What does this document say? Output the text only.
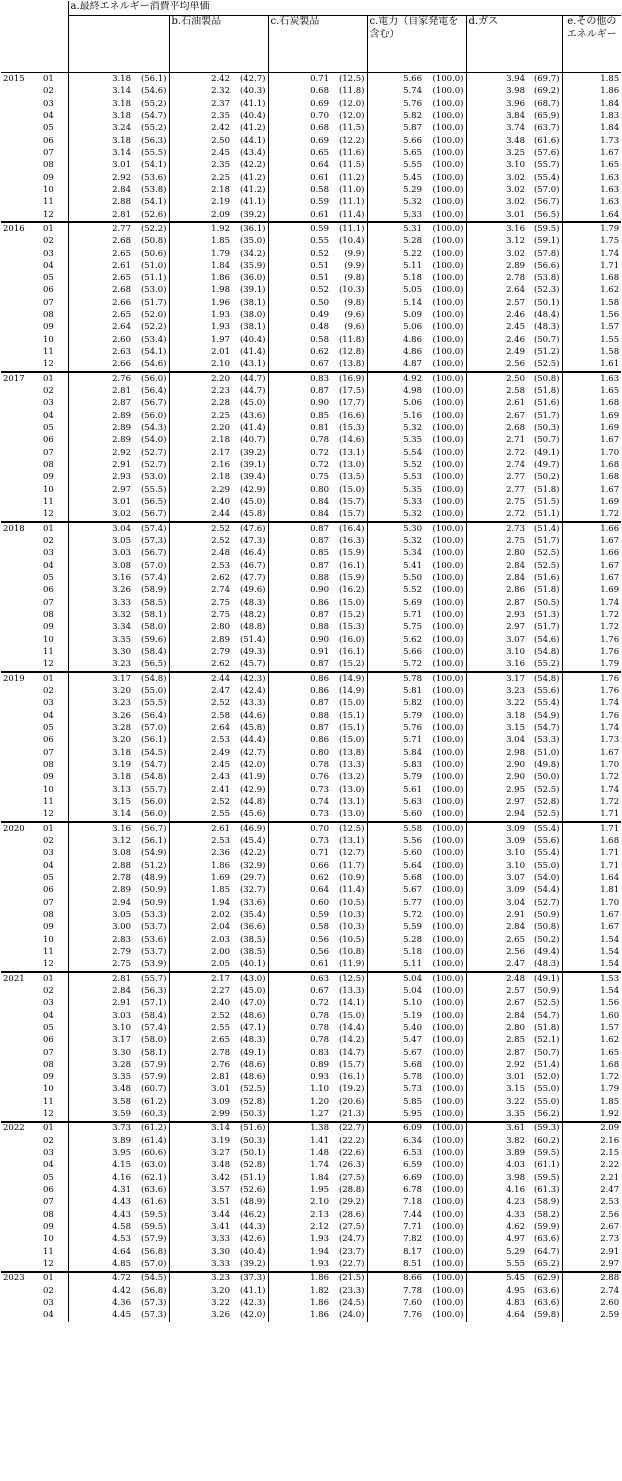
		a.最終エネルギー消費平均単価										
				b.石油製品		c.石炭製品		c.電力（自家発電を含む）		d.ガス		e.その他のエネルギー
2015	01	3.18	(56.1)	2.42	(42.7)	0.71	(12.5)	5.66	(100.0)	3.94	(69.7)	1.85
	02	3.14	(54.6)	2.32	(40.3)	0.68	(11.8)	5.74	(100.0)	3.98	(69.2)	1.86
	03	3.18	(55.2)	2.37	(41.1)	0.69	(12.0)	5.76	(100.0)	3.96	(68.7)	1.84
	04	3.18	(54.7)	2.35	(40.4)	0.70	(12.0)	5.82	(100.0)	3.84	(65.9)	1.83
	05	3.24	(55.2)	2.42	(41.2)	0.68	(11.5)	5.87	(100.0)	3.74	(63.7)	1.84
	06	3.18	(56.3)	2.50	(44.1)	0.69	(12.2)	5.66	(100.0)	3.48	(61.6)	1.73
	07	3.14	(55.5)	2.45	(43.4)	0.65	(11.6)	5.65	(100.0)	3.25	(57.6)	1.67
	08	3.01	(54.1)	2.35	(42.2)	0.64	(11.5)	5.55	(100.0)	3.10	(55.7)	1.65
	09	2.92	(53.6)	2.25	(41.2)	0.61	(11.2)	5.45	(100.0)	3.02	(55.4)	1.63
	10	2.84	(53.8)	2.18	(41.2)	0.58	(11.0)	5.29	(100.0)	3.02	(57.0)	1.63
	11	2.88	(54.1)	2.19	(41.1)	0.59	(11.1)	5.32	(100.0)	3.02	(56.7)	1.63
	12	2.81	(52.6)	2.09	(39.2)	0.61	(11.4)	5.33	(100.0)	3.01	(56.5)	1.64
2016	01	2.77	(52.2)	1.92	(36.1)	0.59	(11.1)	5.31	(100.0)	3.16	(59.5)	1.79
	02	2.68	(50.8)	1.85	(35.0)	0.55	(10.4)	5.28	(100.0)	3.12	(59.1)	1.75
	03	2.65	(50.6)	1.79	(34.2)	0.52	(9.9)	5.22	(100.0)	3.02	(57.8)	1.74
	04	2.61	(51.0)	1.84	(35.9)	0.51	(9.9)	5.11	(100.0)	2.89	(56.6)	1.71
	05	2.65	(51.1)	1.86	(36.0)	0.51	(9.8)	5.18	(100.0)	2.78	(53.8)	1.68
	06	2.68	(53.0)	1.98	(39.1)	0.52	(10.3)	5.05	(100.0)	2.64	(52.3)	1.62
	07	2.66	(51.7)	1.96	(38.1)	0.50	(9.8)	5.14	(100.0)	2.57	(50.1)	1.58
	08	2.65	(52.0)	1.93	(38.0)	0.49	(9.6)	5.09	(100.0)	2.46	(48.4)	1.56
	09	2.64	(52.2)	1.93	(38.1)	0.48	(9.6)	5.06	(100.0)	2.45	(48.3)	1.57
	10	2.60	(53.4)	1.97	(40.4)	0.58	(11.8)	4.86	(100.0)	2.46	(50.7)	1.55
	11	2.63	(54.1)	2.01	(41.4)	0.62	(12.8)	4.86	(100.0)	2.49	(51.2)	1.58
	12	2.66	(54.6)	2.10	(43.1)	0.67	(13.8)	4.87	(100.0)	2.56	(52.5)	1.61
2017	01	2.76	(56.0)	2.20	(44.7)	0.83	(16.9)	4.92	(100.0)	2.50	(50.8)	1.63
	02	2.81	(56.4)	2.23	(44.7)	0.87	(17.5)	4.98	(100.0)	2.58	(51.8)	1.65
	03	2.87	(56.7)	2.28	(45.0)	0.90	(17.7)	5.06	(100.0)	2.61	(51.6)	1.68
	04	2.89	(56.0)	2.25	(43.6)	0.85	(16.6)	5.16	(100.0)	2.67	(51.7)	1.69
	05	2.89	(54.3)	2.20	(41.4)	0.81	(15.3)	5.32	(100.0)	2.68	(50.3)	1.69
	06	2.89	(54.0)	2.18	(40.7)	0.78	(14.6)	5.35	(100.0)	2.71	(50.7)	1.67
	07	2.92	(52.7)	2.17	(39.2)	0.72	(13.1)	5.54	(100.0)	2.72	(49.1)	1.70
	08	2.91	(52.7)	2.16	(39.1)	0.72	(13.0)	5.52	(100.0)	2.74	(49.7)	1.68
	09	2.93	(53.0)	2.18	(39.4)	0.75	(13.5)	5.53	(100.0)	2.77	(50.2)	1.68
	10	2.97	(55.5)	2.29	(42.9)	0.80	(15.0)	5.35	(100.0)	2.77	(51.8)	1.67
	11	3.01	(56.5)	2.40	(45.0)	0.84	(15.7)	5.33	(100.0)	2.75	(51.5)	1.69
	12	3.02	(56.7)	2.44	(45.8)	0.84	(15.7)	5.32	(100.0)	2.72	(51.1)	1.72
2018	01	3.04	(57.4)	2.52	(47.6)	0.87	(16.4)	5.30	(100.0)	2.73	(51.4)	1.66
	02	3.05	(57.3)	2.52	(47.3)	0.87	(16.3)	5.32	(100.0)	2.75	(51.7)	1.67
	03	3.03	(56.7)	2.48	(46.4)	0.85	(15.9)	5.34	(100.0)	2.80	(52.5)	1.66
	04	3.08	(57.0)	2.53	(46.7)	0.87	(16.1)	5.41	(100.0)	2.84	(52.5)	1.67
	05	3.16	(57.4)	2.62	(47.7)	0.88	(15.9)	5.50	(100.0)	2.84	(51.6)	1.67
	06	3.26	(58.9)	2.74	(49.6)	0.90	(16.2)	5.52	(100.0)	2.86	(51.8)	1.69
	07	3.33	(58.5)	2.75	(48.3)	0.86	(15.0)	5.69	(100.0)	2.87	(50.5)	1.74
	08	3.32	(58.1)	2.75	(48.2)	0.87	(15.2)	5.71	(100.0)	2.93	(51.3)	1.72
	09	3.34	(58.0)	2.80	(48.8)	0.88	(15.3)	5.75	(100.0)	2.97	(51.7)	1.72
	10	3.35	(59.6)	2.89	(51.4)	0.90	(16.0)	5.62	(100.0)	3.07	(54.6)	1.76
	11	3.30	(58.4)	2.79	(49.3)	0.91	(16.1)	5.66	(100.0)	3.10	(54.8)	1.76
	12	3.23	(56.5)	2.62	(45.7)	0.87	(15.2)	5.72	(100.0)	3.16	(55.2)	1.79
2019	01	3.17	(54.8)	2.44	(42.3)	0.86	(14.9)	5.78	(100.0)	3.17	(54.8)	1.76
	02	3.20	(55.0)	2.47	(42.4)	0.86	(14.9)	5.81	(100.0)	3.23	(55.6)	1.76
	03	3.23	(55.5)	2.52	(43.3)	0.87	(15.0)	5.82	(100.0)	3.22	(55.4)	1.74
	04	3.26	(56.4)	2.58	(44.6)	0.88	(15.1)	5.79	(100.0)	3.18	(54.9)	1.76
	05	3.28	(57.0)	2.64	(45.8)	0.87	(15.1)	5.76	(100.0)	3.15	(54.7)	1.74
	06	3.20	(56.1)	2.53	(44.4)	0.86	(15.0)	5.71	(100.0)	3.04	(53.3)	1.73
	07	3.18	(54.5)	2.49	(42.7)	0.80	(13.8)	5.84	(100.0)	2.98	(51.0)	1.67
	08	3.19	(54.7)	2.45	(42.0)	0.78	(13.3)	5.83	(100.0)	2.90	(49.8)	1.70
	09	3.18	(54.8)	2.43	(41.9)	0.76	(13.2)	5.79	(100.0)	2.90	(50.0)	1.72
	10	3.13	(55.7)	2.41	(42.9)	0.73	(13.0)	5.61	(100.0)	2.95	(52.5)	1.74
	11	3.15	(56.0)	2.52	(44.8)	0.74	(13.1)	5.63	(100.0)	2.97	(52.8)	1.72
	12	3.14	(56.0)	2.55	(45.6)	0.73	(13.0)	5.60	(100.0)	2.94	(52.5)	1.71
2020	01	3.16	(56.7)	2.61	(46.9)	0.70	(12.5)	5.58	(100.0)	3.09	(55.4)	1.71
	02	3.12	(56.1)	2.53	(45.4)	0.73	(13.1)	5.56	(100.0)	3.09	(55.6)	1.68
	03	3.08	(54.9)	2.36	(42.2)	0.71	(12.7)	5.60	(100.0)	3.10	(55.4)	1.71
	04	2.88	(51.2)	1.86	(32.9)	0.66	(11.7)	5.64	(100.0)	3.10	(55.0)	1.71
	05	2.78	(48.9)	1.69	(29.7)	0.62	(10.9)	5.68	(100.0)	3.07	(54.0)	1.64
	06	2.89	(50.9)	1.85	(32.7)	0.64	(11.4)	5.67	(100.0)	3.09	(54.4)	1.81
	07	2.94	(50.9)	1.94	(33.6)	0.60	(10.5)	5.77	(100.0)	3.04	(52.7)	1.70
	08	3.05	(53.3)	2.02	(35.4)	0.59	(10.3)	5.72	(100.0)	2.91	(50.9)	1.67
	09	3.00	(53.7)	2.04	(36.6)	0.58	(10.3)	5.59	(100.0)	2.84	(50.8)	1.67
	10	2.83	(53.6)	2.03	(38.5)	0.56	(10.5)	5.28	(100.0)	2.65	(50.2)	1.54
	11	2.79	(53.7)	2.00	(38.5)	0.56	(10.8)	5.18	(100.0)	2.56	(49.4)	1.54
	12	2.75	(53.9)	2.05	(40.1)	0.61	(11.9)	5.11	(100.0)	2.47	(48.3)	1.54
2021	01	2.81	(55.7)	2.17	(43.0)	0.63	(12.5)	5.04	(100.0)	2.48	(49.1)	1.53
	02	2.84	(56.3)	2.27	(45.0)	0.67	(13.3)	5.04	(100.0)	2.57	(50.9)	1.54
	03	2.91	(57.1)	2.40	(47.0)	0.72	(14.1)	5.10	(100.0)	2.67	(52.5)	1.56
	04	3.03	(58.4)	2.52	(48.6)	0.78	(15.0)	5.19	(100.0)	2.84	(54.7)	1.60
	05	3.10	(57.4)	2.55	(47.1)	0.78	(14.4)	5.40	(100.0)	2.80	(51.8)	1.57
	06	3.17	(58.0)	2.65	(48.3)	0.78	(14.2)	5.47	(100.0)	2.85	(52.1)	1.62
	07	3.30	(58.1)	2.78	(49.1)	0.83	(14.7)	5.67	(100.0)	2.87	(50.7)	1.65
	08	3.28	(57.9)	2.76	(48.6)	0.89	(15.7)	5.68	(100.0)	2.92	(51.4)	1.68
	09	3.35	(57.9)	2.81	(48.6)	0.93	(16.1)	5.78	(100.0)	3.01	(52.0)	1.72
	10	3.48	(60.7)	3.01	(52.5)	1.10	(19.2)	5.73	(100.0)	3.15	(55.0)	1.79
	11	3.58	(61.2)	3.09	(52.8)	1.20	(20.6)	5.85	(100.0)	3.22	(55.0)	1.85
	12	3.59	(60.3)	2.99	(50.3)	1.27	(21.3)	5.95	(100.0)	3.35	(56.2)	1.92
2022	01	3.73	(61.2)	3.14	(51.6)	1.38	(22.7)	6.09	(100.0)	3.61	(59.3)	2.09
	02	3.89	(61.4)	3.19	(50.3)	1.41	(22.2)	6.34	(100.0)	3.82	(60.2)	2.16
	03	3.95	(60.6)	3.27	(50.1)	1.48	(22.6)	6.53	(100.0)	3.89	(59.5)	2.15
	04	4.15	(63.0)	3.48	(52.8)	1.74	(26.3)	6.59	(100.0)	4.03	(61.1)	2.22
	05	4.16	(62.1)	3.42	(51.1)	1.84	(27.5)	6.69	(100.0)	3.98	(59.5)	2.21
	06	4.31	(63.6)	3.57	(52.6)	1.95	(28.8)	6.78	(100.0)	4.16	(61.3)	2.47
	07	4.43	(61.6)	3.51	(48.9)	2.10	(29.2)	7.18	(100.0)	4.23	(58.9)	2.53
	08	4.43	(59.5)	3.44	(46.2)	2.13	(28.6)	7.44	(100.0)	4.33	(58.2)	2.56
	09	4.58	(59.5)	3.41	(44.3)	2.12	(27.5)	7.71	(100.0)	4.62	(59.9)	2.67
	10	4.53	(57.9)	3.33	(42.6)	1.93	(24.7)	7.82	(100.0)	4.97	(63.6)	2.73
	11	4.64	(56.8)	3.30	(40.4)	1.94	(23.7)	8.17	(100.0)	5.29	(64.7)	2.91
	12	4.85	(57.0)	3.33	(39.2)	1.93	(22.7)	8.51	(100.0)	5.55	(65.2)	2.97
2023	01	4.72	(54.5)	3.23	(37.3)	1.86	(21.5)	8.66	(100.0)	5.45	(62.9)	2.88
	02	4.42	(56.8)	3.20	(41.1)	1.82	(23.3)	7.78	(100.0)	4.95	(63.6)	2.74
	03	4.36	(57.3)	3.22	(42.3)	1.86	(24.5)	7.60	(100.0)	4.83	(63.6)	2.60
	04	4.45	(57.3)	3.26	(42.0)	1.86	(24.0)	7.76	(100.0)	4.64	(59.8)	2.59
